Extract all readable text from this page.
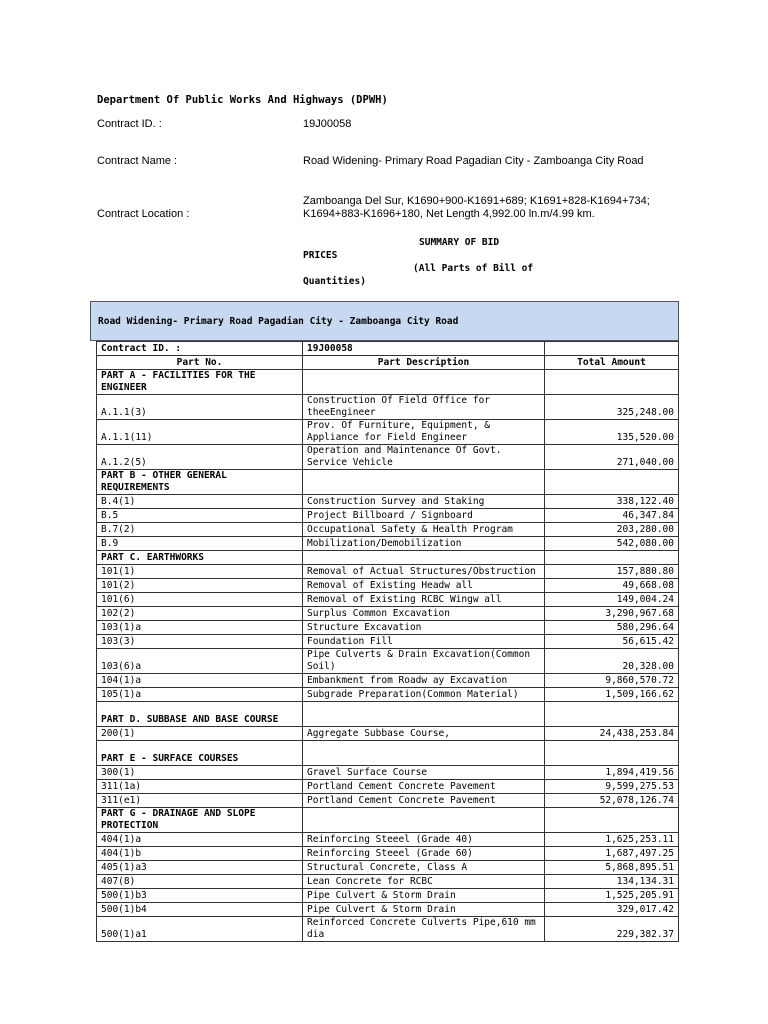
Department Of Public Works And Highways (DPWH)
Contract ID. :	19J00058
Contract Name :	Road Widening- Primary Road Pagadian City - Zamboanga City Road
Contract Location :
Zamboanga Del Sur, K1690+900-K1691+689; K1691+828-K1694+734;
K1694+883-K1696+180, Net Length 4,992.00 ln.m/4.99 km.
SUMMARY OF BID
PRICES
(All Parts of Bill of
Quantities)
Road Widening- Primary Road Pagadian City - Zamboanga City Road
Contract ID. :	19J00058	
Part No.	Part Description	Total Amount
PART A - FACILITIES FOR THE ENGINEER		
A.1.1(3)	Construction Of Field Office for theeEngineer	325,248.00
A.1.1(11)	Prov. Of Furniture, Equipment, & Appliance for Field Engineer	135,520.00
A.1.2(5)	Operation and Maintenance Of Govt. Service Vehicle	271,040.00
PART B - OTHER GENERAL REQUIREMENTS		
B.4(1)	Construction Survey and Staking	338,122.40
B.5	Project Billboard / Signboard	46,347.84
B.7(2)	Occupational Safety & Health Program	203,280.00
B.9	Mobilization/Demobilization	542,080.00
PART C. EARTHWORKS		
101(1)	Removal of Actual Structures/Obstruction	157,880.80
101(2)	Removal of Existing Headw all	49,668.08
101(6)	Removal of Existing RCBC Wingw all	149,004.24
102(2)	Surplus Common Excavation	3,290,967.68
103(1)a	Structure Excavation	580,296.64
103(3)	Foundation Fill	56,615.42
103(6)a	Pipe Culverts & Drain Excavation(Common Soil)	20,328.00
104(1)a	Embankment from Roadw ay Excavation	9,860,570.72
105(1)a	Subgrade Preparation(Common Material)	1,509,166.62
PART D. SUBBASE AND BASE COURSE		
200(1)	Aggregate Subbase Course,	24,438,253.84
PART E - SURFACE COURSES		
300(1)	Gravel Surface Course	1,894,419.56
311(1a)	Portland Cement Concrete Pavement	9,599,275.53
311(e1)	Portland Cement Concrete Pavement	52,078,126.74
PART G - DRAINAGE AND SLOPE PROTECTION		
404(1)a	Reinforcing Steeel (Grade 40)	1,625,253.11
404(1)b	Reinforcing Steeel (Grade 60)	1,687,497.25
405(1)a3	Structural Concrete, Class A	5,868,895.51
407(8)	Lean Concrete for RCBC	134,134.31
500(1)b3	Pipe Culvert & Storm Drain	1,525,205.91
500(1)b4	Pipe Culvert & Storm Drain	329,017.42
500(1)a1	Reinforced Concrete Culverts Pipe,610 mm dia	229,382.37
